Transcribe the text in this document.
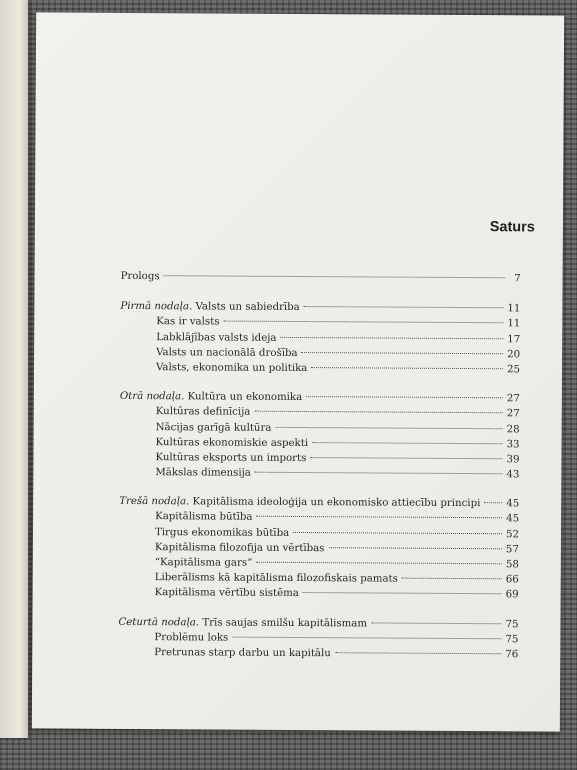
Saturs
Prologs	7
Pirmā nodaļa. Valsts un sabiedrība	11
Kas ir valsts	11
Labklājības valsts ideja	17
Valsts un nacionālā drošība	20
Valsts, ekonomika un politika	25
Otrā nodaļa. Kultūra un ekonomika	27
Kultūras definīcija	27
Nācijas garīgā kultūra	28
Kultūras ekonomiskie aspekti	33
Kultūras eksports un imports	39
Mākslas dimensija	43
Trešā nodaļa. Kapitālisma ideoloģija un ekonomisko attiecību principi	45
Kapitālisma būtība	45
Tirgus ekonomikas būtība	52
Kapitālisma filozofija un vērtības	57
“Kapitālisma gars”	58
Liberālisms kā kapitālisma filozofiskais pamats	66
Kapitālisma vērtību sistēma	69
Ceturtā nodaļa. Trīs saujas smilšu kapitālismam	75
Problēmu loks	75
Pretrunas starp darbu un kapitālu	76
